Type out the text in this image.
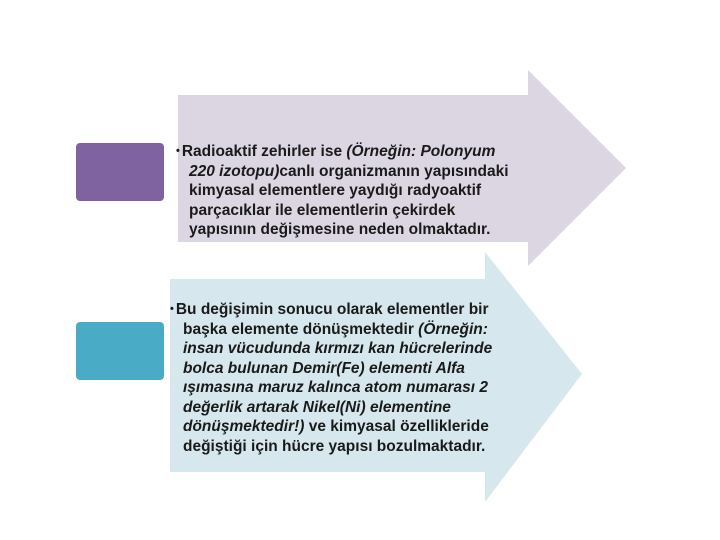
• Radioaktif zehirler ise (Örneğin: Polonyum
220 izotopu)canlı organizmanın yapısındaki
kimyasal elementlere yaydığı radyoaktif
parçacıklar ile elementlerin çekirdek
yapısının değişmesine neden olmaktadır.
• Bu değişimin sonucu olarak elementler bir
başka elemente dönüşmektedir (Örneğin:
insan vücudunda kırmızı kan hücrelerinde
bolca bulunan Demir(Fe) elementi Alfa
ışımasına maruz kalınca atom numarası 2
değerlik artarak Nikel(Ni) elementine
dönüşmektedir!) ve kimyasal özellikleride
değiştiği için hücre yapısı bozulmaktadır.
